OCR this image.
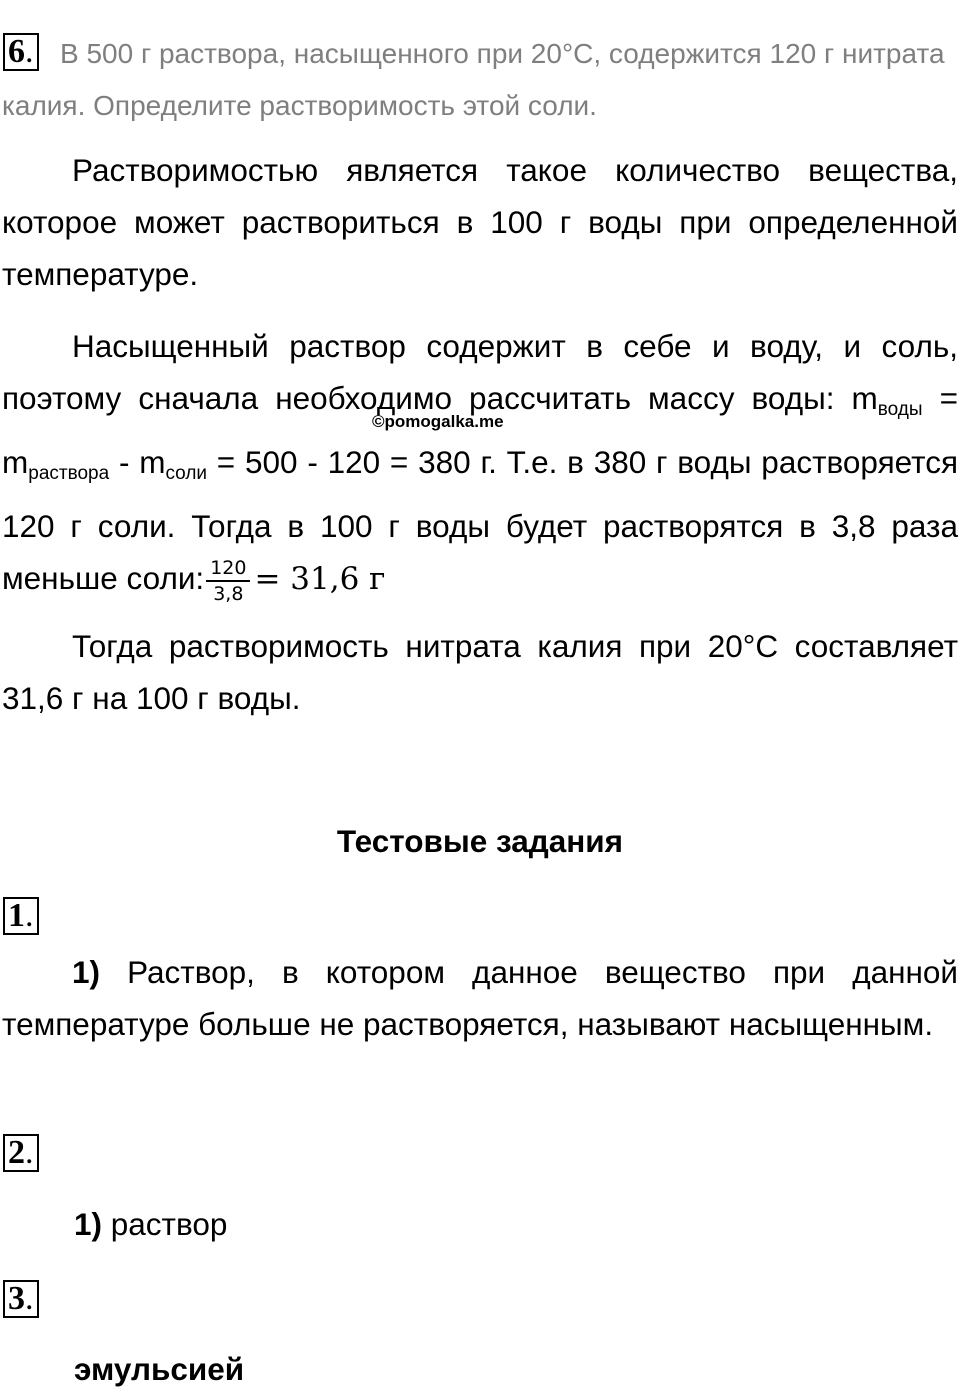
6. В 500 г раствора, насыщенного при 20°С, содержится 120 г нитрата калия. Определите растворимость этой соли.

Растворимостью является такое количество вещества, которое может раствориться в 100 г воды при определенной температуре.

Насыщенный раствор содержит в себе и воду, и соль, поэтому сначала необходимо рассчитать массу воды: $m_{воды} = m_{раствора} - m_{соли} = 500 - 120 = 380$ г. Т.е. в 380 г воды растворяется 120 г соли. Тогда в 100 г воды будет растворятся в 3,8 раза меньше соли: $\frac{120}{3,8} = 31,6$ г

©pomogalka.me

Тогда растворимость нитрата калия при 20°С составляет 31,6 г на 100 г воды.

Тестовые задания
1.

1) Раствор, в котором данное вещество при данной температуре больше не растворяется, называют насыщенным.

2.
1) раствор
3.
эмульсией
